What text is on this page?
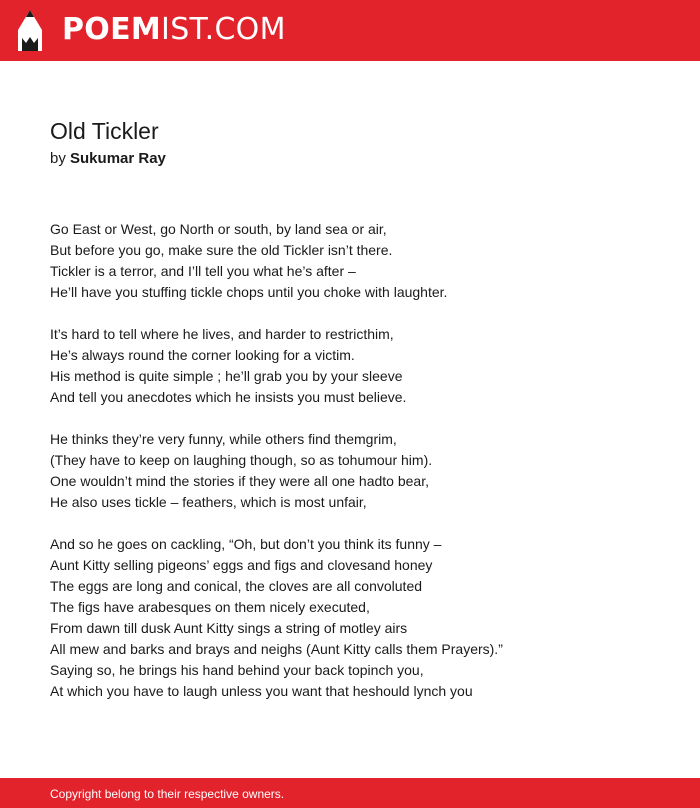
POEMIST.COM
Old Tickler
by Sukumar Ray
Go East or West, go North or south, by land sea or air,
But before you go, make sure the old Tickler isn’t there.
Tickler is a terror, and I’ll tell you what he’s after –
He’ll have you stuffing tickle chops until you choke with laughter.
It’s hard to tell where he lives, and harder to restricthim,
He’s always round the corner looking for a victim.
His method is quite simple ; he’ll grab you by your sleeve
And tell you anecdotes which he insists you must believe.
He thinks they’re very funny, while others find themgrim,
(They have to keep on laughing though, so as tohumour him).
One wouldn’t mind the stories if they were all one hadto bear,
He also uses tickle – feathers, which is most unfair,
And so he goes on cackling, “Oh, but don’t you think its funny –
Aunt Kitty selling pigeons’ eggs and figs and clovesand honey
The eggs are long and conical, the cloves are all convoluted
The figs have arabesques on them nicely executed,
From dawn till dusk Aunt Kitty sings a string of motley airs
All mew and barks and brays and neighs (Aunt Kitty calls them Prayers).”
Saying so, he brings his hand behind your back topinch you,
At which you have to laugh unless you want that heshould lynch you
Copyright belong to their respective owners.
